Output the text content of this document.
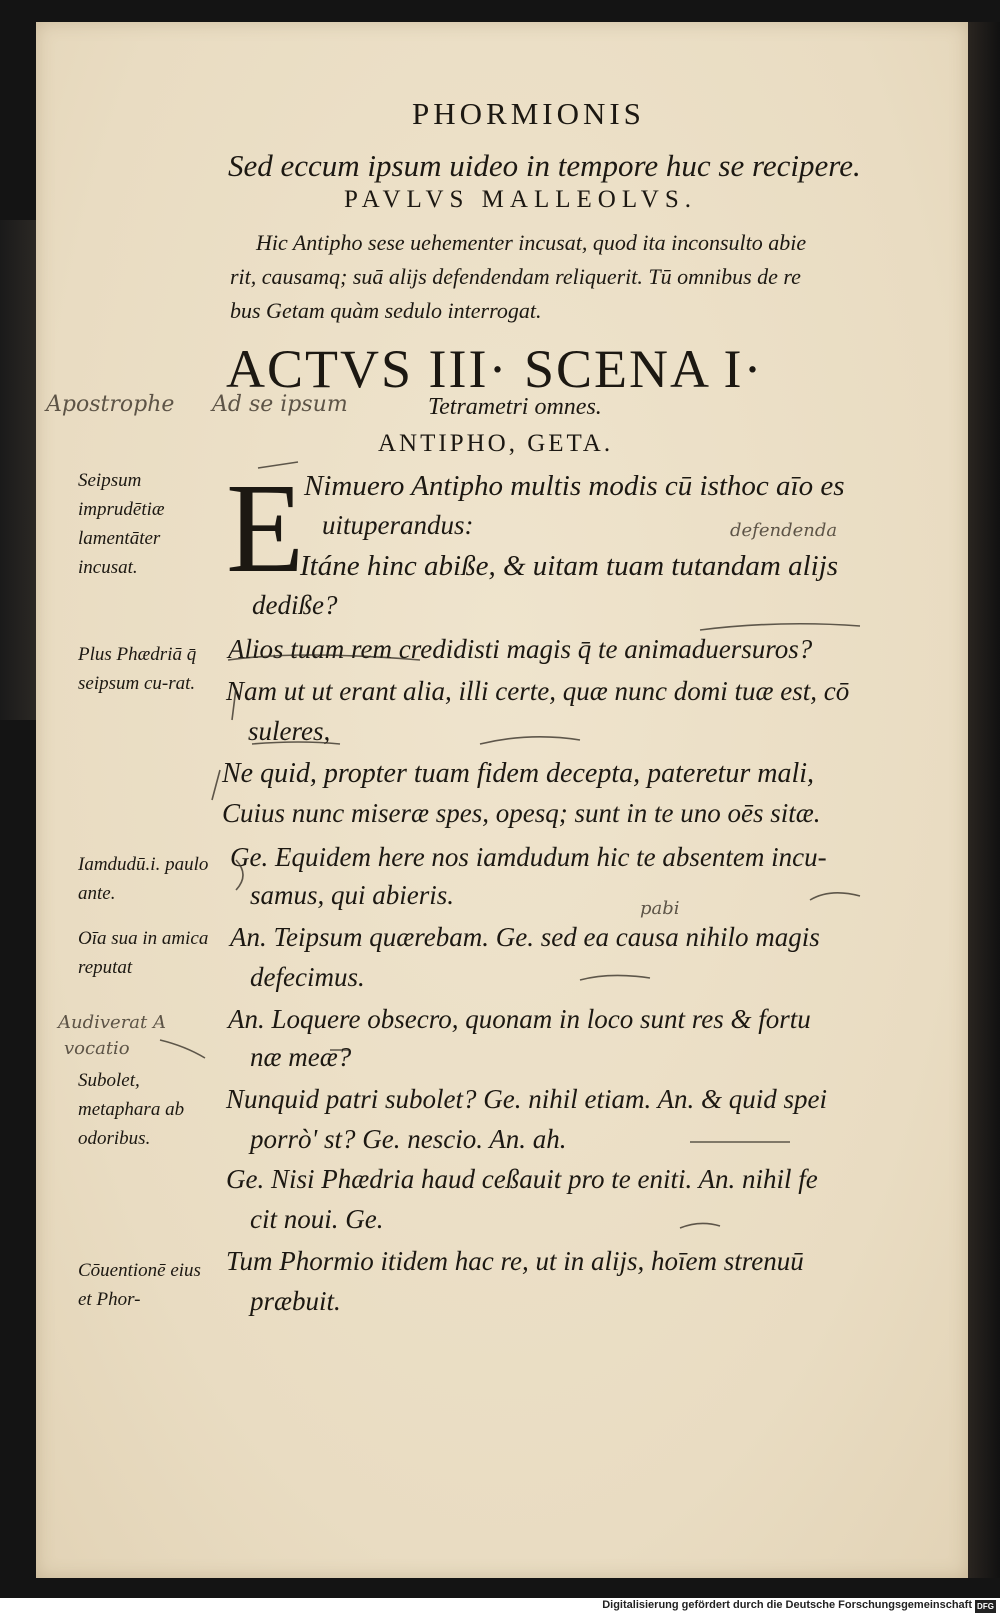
PHORMIONIS
Sed eccum ipsum uideo in tempore huc se recipere.
PAVLVS MALLEOLVS.
Hic Antipho sese uehementer incusat, quod ita inconsulto abie
rit, causamq; suā alijs defendendam reliquerit. Tū omnibus de re
bus Getam quàm sedulo interrogat.
ACTVS III· SCENA I·
Tetrametri omnes.
ANTIPHO, GETA.
E Nimuero Antipho multis modis cū isthoc aīo es
uituperandus:
Itáne hinc abiße, & uitam tuam tutandam alijs
dediße?
Alios tuam rem credidisti magis q̄ te animaduersuros?
Nam ut ut erant alia, illi certe, quæ nunc domi tuæ est, cō
suleres,
Ne quid, propter tuam fidem decepta, pateretur mali,
Cuius nunc miseræ spes, opesq; sunt in te uno oēs sitæ.
Ge. Equidem here nos iamdudum hic te absentem incu-
samus, qui abieris.
An. Teipsum quærebam. Ge. sed ea causa nihilo magis
defecimus.
An. Loquere obsecro, quonam in loco sunt res & fortu
næ meæ?
Nunquid patri subolet? Ge. nihil etiam. An. & quid spei
porrò' st? Ge. nescio. An. ah.
Ge. Nisi Phædria haud ceßauit pro te eniti. An. nihil fe
cit noui. Ge.
Tum Phormio itidem hac re, ut in alijs, hoīem strenuū
præbuit.
Seipsum imprudētiæ lamentāter incusat.
Plus Phædriā q̄ seipsum cu-rat.
Iamdudū.i. paulo ante.
Oīa sua in amica reputat
Subolet, metaphara ab odoribus.
Cōuentionē eius et Phor-
Apostrophe Ad se ipsum
defendenda
Audiverat A
vocatio
pabi
Digitalisierung gefördert durch die Deutsche Forschungsgemeinschaft DFG
